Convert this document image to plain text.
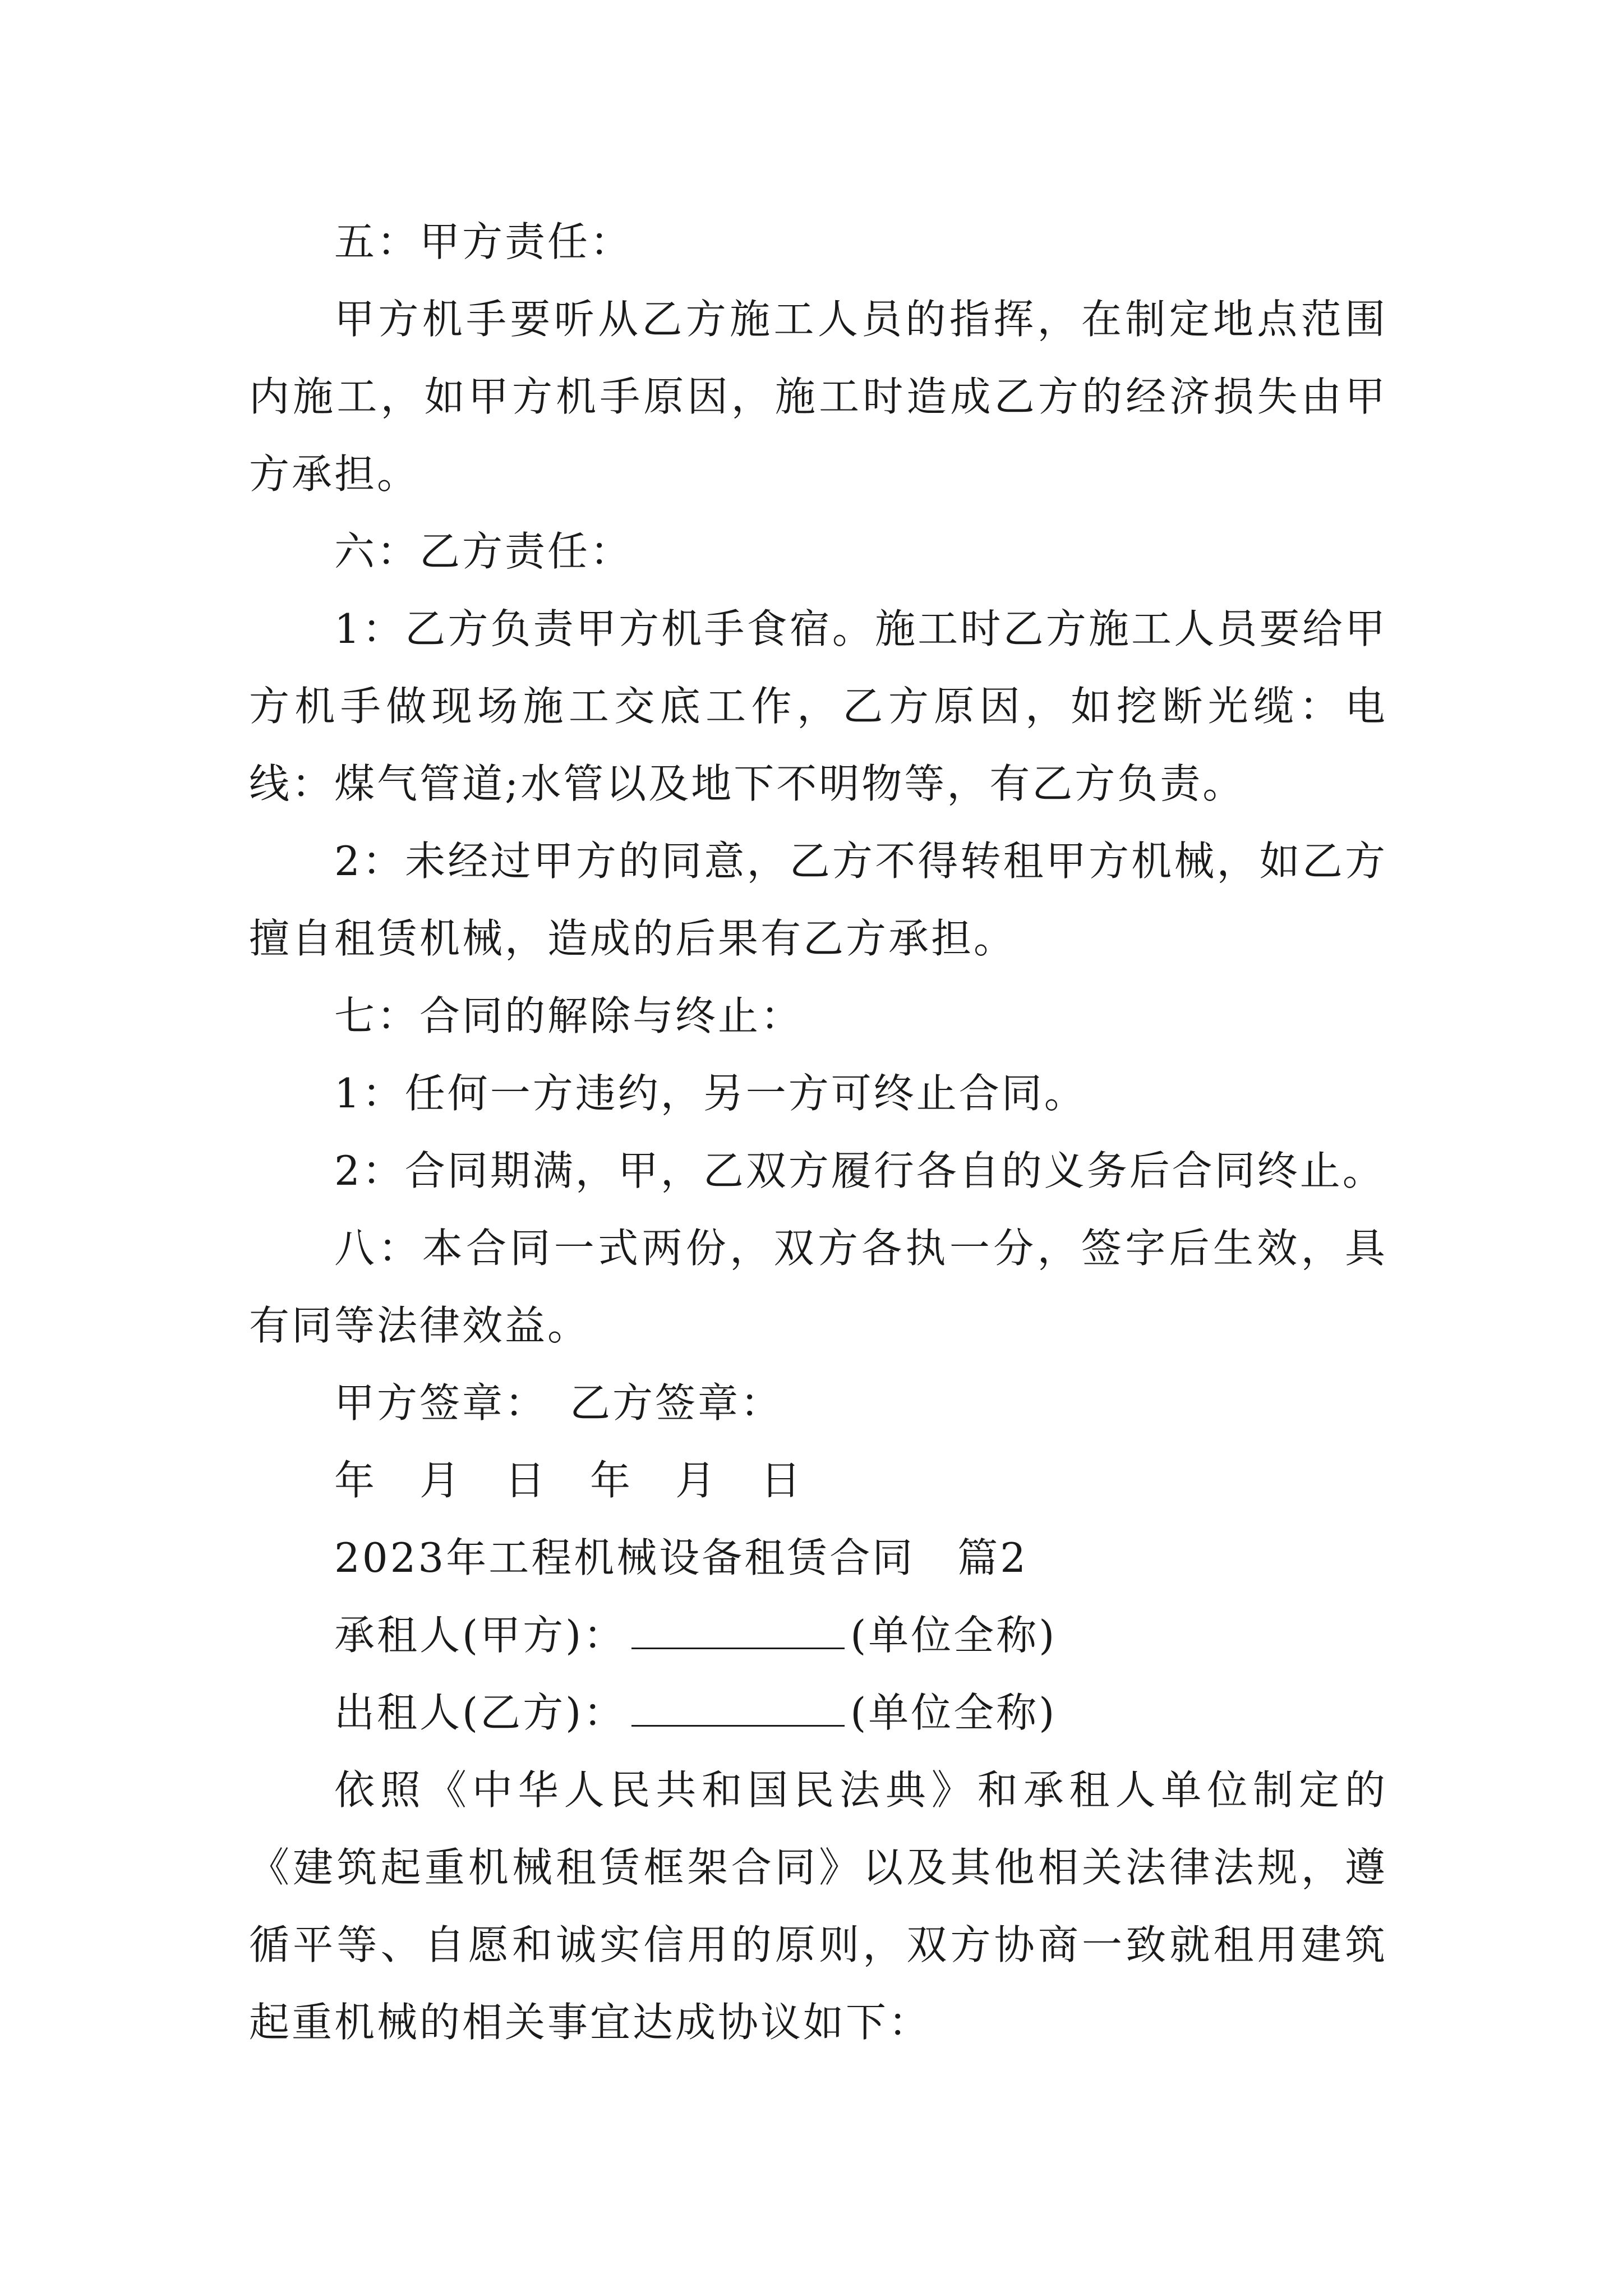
五：甲方责任：

甲方机手要听从乙方施工人员的指挥，在制定地点范围内施工，如甲方机手原因，施工时造成乙方的经济损失由甲方承担。

六：乙方责任：

1：乙方负责甲方机手食宿。施工时乙方施工人员要给甲方机手做现场施工交底工作，乙方原因，如挖断光缆：电线：煤气管道;水管以及地下不明物等，有乙方负责。

2：未经过甲方的同意，乙方不得转租甲方机械，如乙方擅自租赁机械，造成的后果有乙方承担。

七：合同的解除与终止：

1：任何一方违约，另一方可终止合同。

2：合同期满，甲，乙双方履行各自的义务后合同终止。

八：本合同一式两份，双方各执一分，签字后生效，具有同等法律效益。

甲方签章：　乙方签章：

年　月　日　年　月　日

2023年工程机械设备租赁合同　篇2

承租人(甲方)：	(单位全称)

出租人(乙方)：	(单位全称)

依照《中华人民共和国民法典》和承租人单位制定的《建筑起重机械租赁框架合同》以及其他相关法律法规，遵循平等、自愿和诚实信用的原则，双方协商一致就租用建筑起重机械的相关事宜达成协议如下：
